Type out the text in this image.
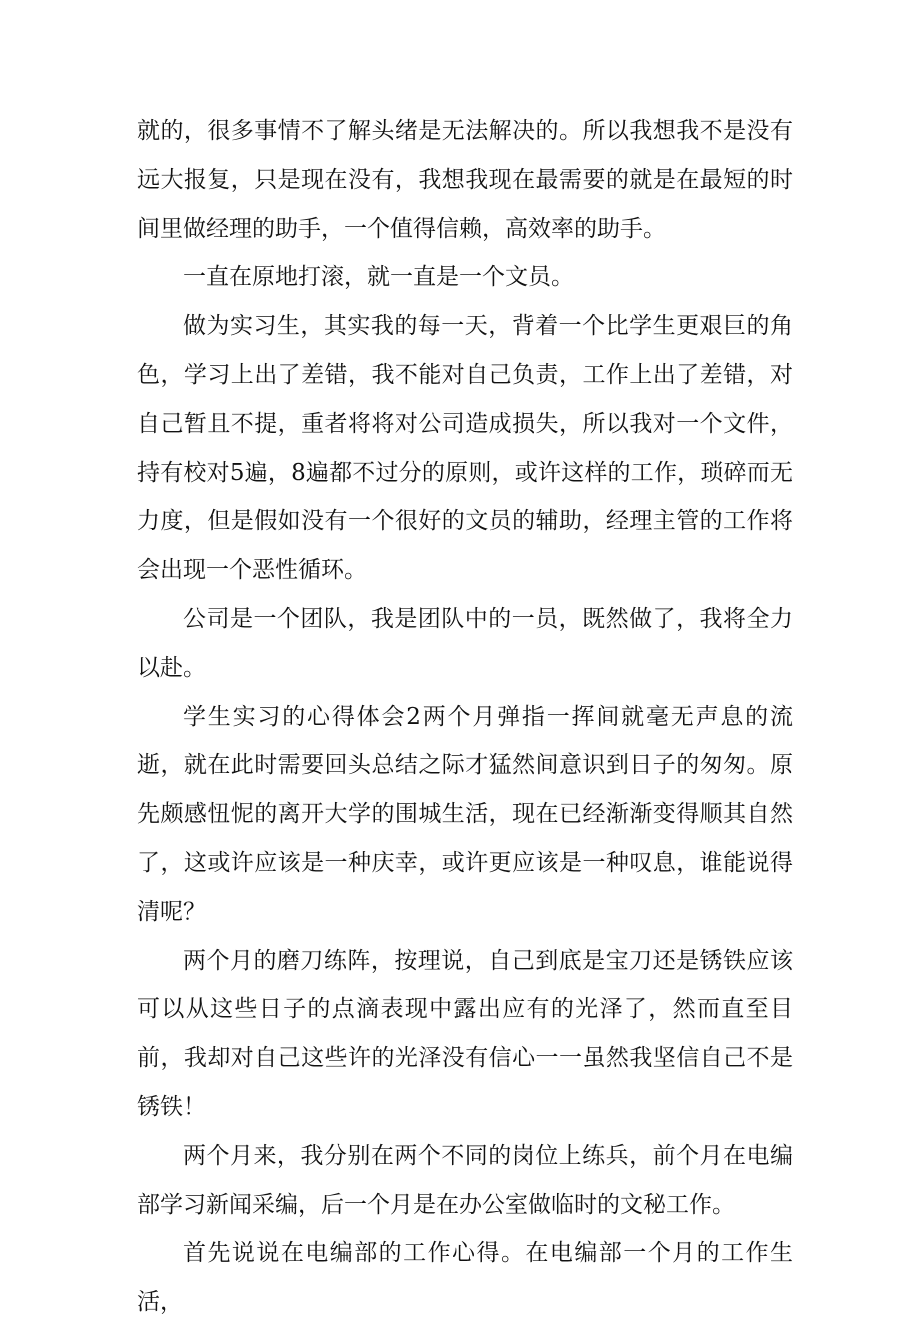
就的，很多事情不了解头绪是无法解决的。所以我想我不是没有远大报复，只是现在没有，我想我现在最需要的就是在最短的时间里做经理的助手，一个值得信赖，高效率的助手。

一直在原地打滚，就一直是一个文员。

做为实习生，其实我的每一天，背着一个比学生更艰巨的角色，学习上出了差错，我不能对自己负责，工作上出了差错，对自己暂且不提，重者将将对公司造成损失，所以我对一个文件，持有校对5遍，8遍都不过分的原则，或许这样的工作，琐碎而无力度，但是假如没有一个很好的文员的辅助，经理主管的工作将会出现一个恶性循环。

公司是一个团队，我是团队中的一员，既然做了，我将全力以赴。

学生实习的心得体会2两个月弹指一挥间就毫无声息的流逝，就在此时需要回头总结之际才猛然间意识到日子的匆匆。原先颇感忸怩的离开大学的围城生活，现在已经渐渐变得顺其自然了，这或许应该是一种庆幸，或许更应该是一种叹息，谁能说得清呢？

两个月的磨刀练阵，按理说，自己到底是宝刀还是锈铁应该可以从这些日子的点滴表现中露出应有的光泽了，然而直至目前，我却对自己这些许的光泽没有信心一一虽然我坚信自己不是锈铁！

两个月来，我分别在两个不同的岗位上练兵，前个月在电编部学习新闻采编，后一个月是在办公室做临时的文秘工作。

首先说说在电编部的工作心得。在电编部一个月的工作生活，
